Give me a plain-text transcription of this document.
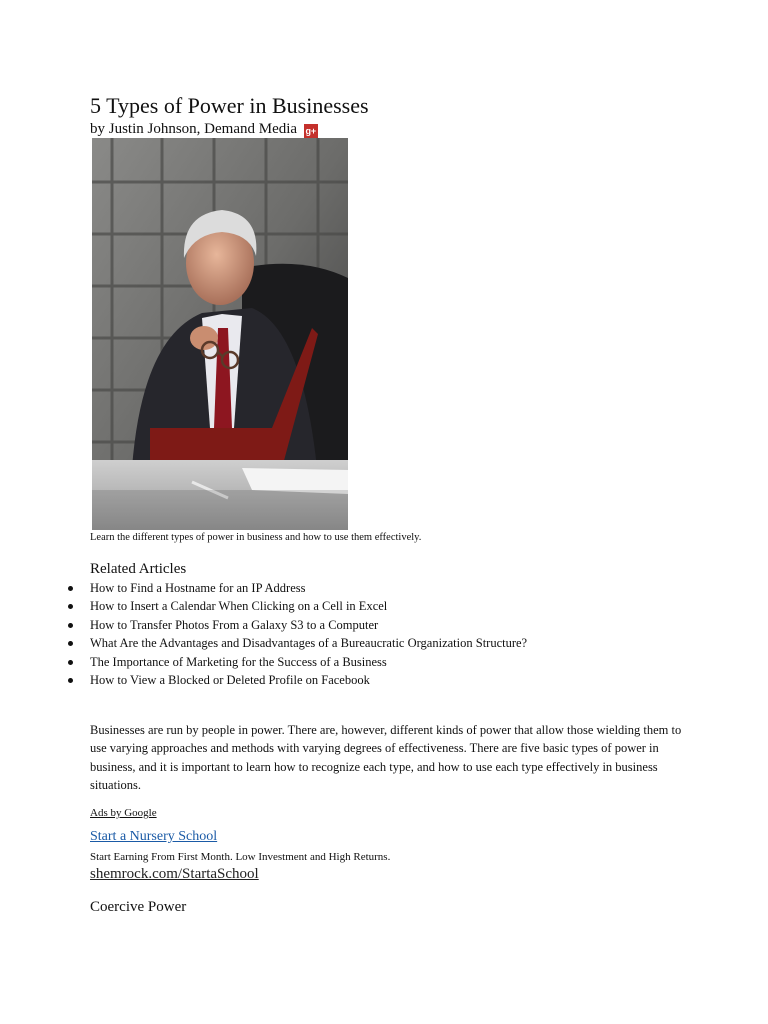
5 Types of Power in Businesses
by Justin Johnson, Demand Media g+
Learn the different types of power in business and how to use them effectively.
Related Articles
How to Find a Hostname for an IP Address
How to Insert a Calendar When Clicking on a Cell in Excel
How to Transfer Photos From a Galaxy S3 to a Computer
What Are the Advantages and Disadvantages of a Bureaucratic Organization Structure?
The Importance of Marketing for the Success of a Business
How to View a Blocked or Deleted Profile on Facebook

Businesses are run by people in power. There are, however, different kinds of power that allow those wielding them to use varying approaches and methods with varying degrees of effectiveness. There are five basic types of power in business, and it is important to learn how to recognize each type, and how to use each type effectively in business situations.

Ads by Google
Start a Nursery School
Start Earning From First Month. Low Investment and High Returns.
shemrock.com/StartaSchool
Coercive Power
